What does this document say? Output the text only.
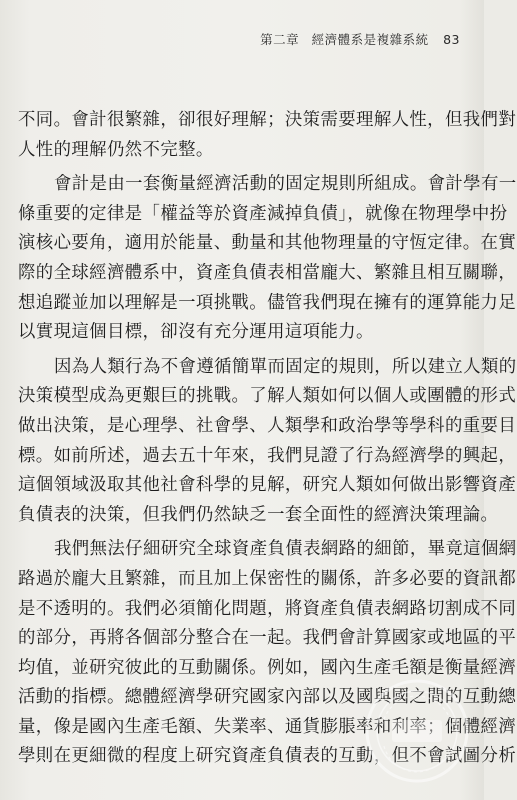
第二章 經濟體系是複雜系統 83
不同。會計很繁雜，卻很好理解；決策需要理解人性，但我們對
人性的理解仍然不完整。
會計是由一套衡量經濟活動的固定規則所組成。會計學有一
條重要的定律是「權益等於資產減掉負債」，就像在物理學中扮
演核心要角，適用於能量、動量和其他物理量的守恆定律。在實
際的全球經濟體系中，資產負債表相當龐大、繁雜且相互關聯，
想追蹤並加以理解是一項挑戰。儘管我們現在擁有的運算能力足
以實現這個目標，卻沒有充分運用這項能力。
因為人類行為不會遵循簡單而固定的規則，所以建立人類的
決策模型成為更艱巨的挑戰。了解人類如何以個人或團體的形式
做出決策，是心理學、社會學、人類學和政治學等學科的重要目
標。如前所述，過去五十年來，我們見證了行為經濟學的興起，
這個領域汲取其他社會科學的見解，研究人類如何做出影響資產
負債表的決策，但我們仍然缺乏一套全面性的經濟決策理論。
我們無法仔細研究全球資產負債表網路的細節，畢竟這個網
路過於龐大且繁雜，而且加上保密性的關係，許多必要的資訊都
是不透明的。我們必須簡化問題，將資產負債表網路切割成不同
的部分，再將各個部分整合在一起。我們會計算國家或地區的平
均值，並研究彼此的互動關係。例如，國內生產毛額是衡量經濟
活動的指標。總體經濟學研究國家內部以及國與國之間的互動總
量，像是國內生產毛額、失業率、通貨膨脹率和利率；個體經濟
學則在更細微的程度上研究資產負債表的互動，但不會試圖分析
